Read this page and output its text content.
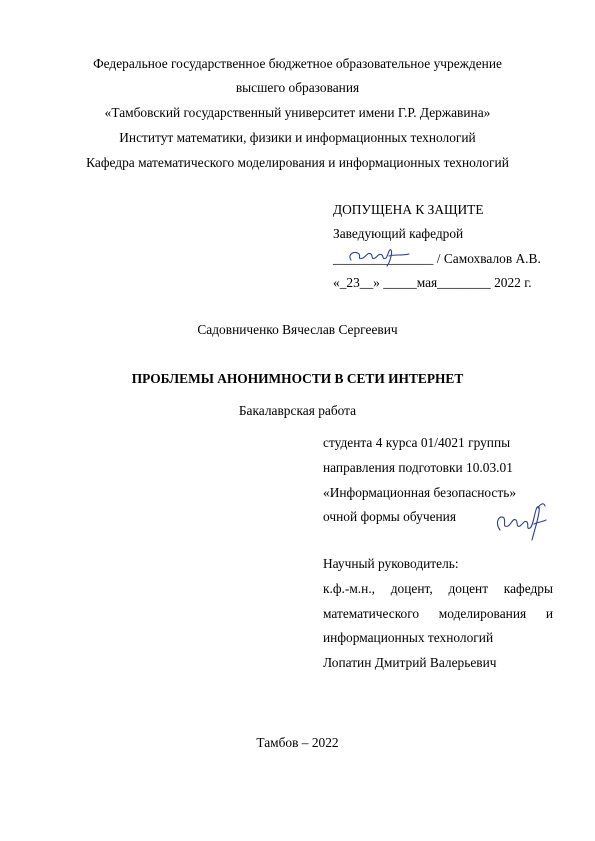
Федеральное государственное бюджетное образовательное учреждение
высшего образования
«Тамбовский государственный университет имени Г.Р. Державина»
Институт математики, физики и информационных технологий
Кафедра математического моделирования и информационных технологий
ДОПУЩЕНА К ЗАЩИТЕ
Заведующий кафедрой
_______________ / Самохвалов А.В.
«_23__» _____мая________ 2022 г.
Садовниченко Вячеслав Сергеевич
ПРОБЛЕМЫ АНОНИМНОСТИ В СЕТИ ИНТЕРНЕТ
Бакалаврская работа
студента 4 курса 01/4021 группы
направления подготовки 10.03.01
«Информационная безопасность»
очной формы обучения
Научный руководитель:
к.ф.-м.н., доцент, доцент кафедры
математического моделирования и
информационных технологий
Лопатин Дмитрий Валерьевич
Тамбов – 2022
